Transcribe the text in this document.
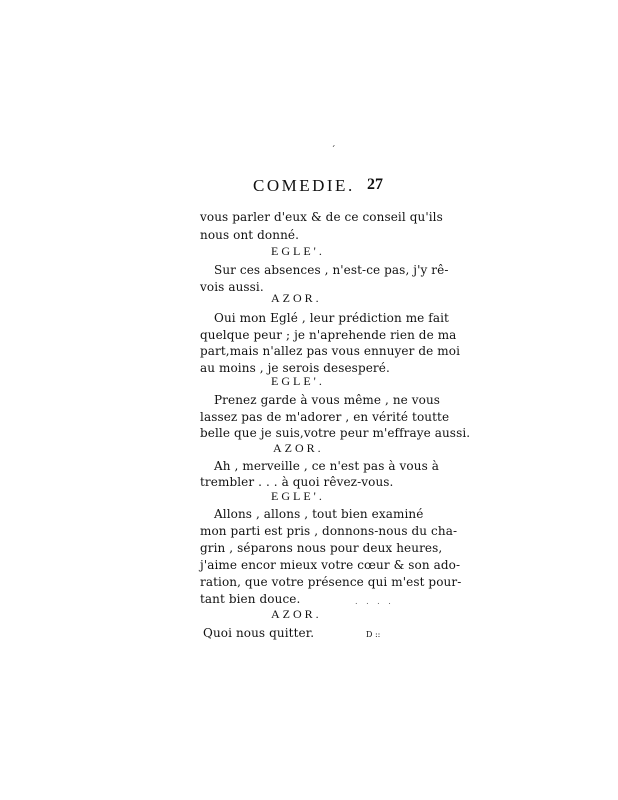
´
COMEDIE. 27
vous parler d'eux & de ce conseil qu'ils
nous ont donné.
EGLE'.
Sur ces absences , n'est-ce pas, j'y rê-
vois aussi.
AZOR.
Oui mon Eglé , leur prédiction me fait
quelque peur ; je n'aprehende rien de ma
part,mais n'allez pas vous ennuyer de moi
au moins , je serois desesperé.
EGLE'.
Prenez garde à vous même , ne vous
lassez pas de m'adorer , en vérité toutte
belle que je suis,votre peur m'effraye aussi.
AZOR.
Ah , merveille , ce n'est pas à vous à
trembler . . . à quoi rêvez-vous.
EGLE'.
Allons , allons , tout bien examiné
mon parti est pris , donnons-nous du cha-
grin , séparons nous pour deux heures,
j'aime encor mieux votre cœur & son ado-
ration, que votre présence qui m'est pour-
tant bien douce.
AZOR.
Quoi nous quitter.
. . . .
D ::
